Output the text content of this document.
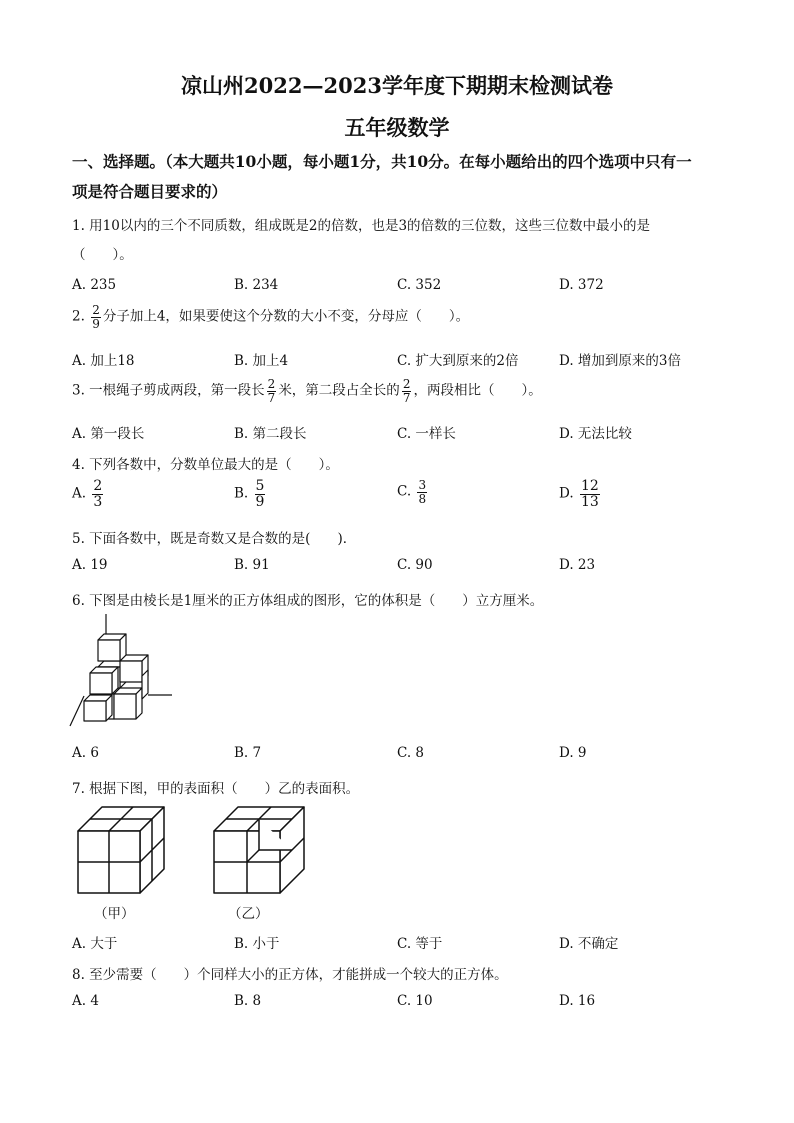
凉山州2022—2023学年度下期期末检测试卷
五年级数学
一、选择题。（本大题共10小题，每小题1分，共10分。在每小题给出的四个选项中只有一
项是符合题目要求的）
1. 用10以内的三个不同质数，组成既是2的倍数，也是3的倍数的三位数，这些三位数中最小的是
（　　）。
A. 235	B. 234	C. 352	D. 372
2. $\frac{2}{9}$ 分子加上4，如果要使这个分数的大小不变，分母应（　　）。
A. 加上18	B. 加上4	C. 扩大到原来的2倍	D. 增加到原来的3倍
3. 一根绳子剪成两段，第一段长 $\frac{2}{7}$ 米，第二段占全长的 $\frac{2}{7}$ ，两段相比（　　）。
A. 第一段长	B. 第二段长	C. 一样长	D. 无法比较
4. 下列各数中，分数单位最大的是（　　）。
A. $\frac{2}{3}$	B. $\frac{5}{9}$	C. $\frac{3}{8}$	D. $\frac{12}{13}$
5. 下面各数中，既是奇数又是合数的是(　　)．
A. 19	B. 91	C. 90	D. 23
6. 下图是由棱长是1厘米的正方体组成的图形，它的体积是（　　）立方厘米。
A. 6	B. 7	C. 8	D. 9
7. 根据下图，甲的表面积（　　）乙的表面积。
（甲）	（乙）
A. 大于	B. 小于	C. 等于	D. 不确定
8. 至少需要（　　）个同样大小的正方体，才能拼成一个较大的正方体。
A. 4	B. 8	C. 10	D. 16
